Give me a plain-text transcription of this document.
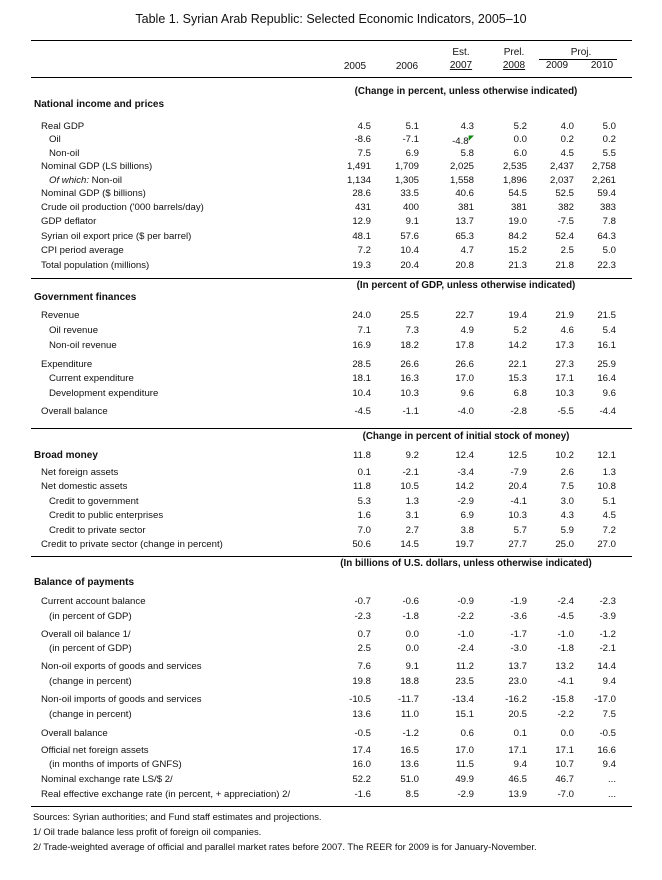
Table 1. Syrian Arab Republic: Selected Economic Indicators, 2005–10
Est.	Prel.	Proj.
2005	2006	2007	2008	2009	2010
(Change in percent, unless otherwise indicated)
(In percent of GDP, unless otherwise indicated)
(Change in percent of initial stock of money)
(In billions of U.S. dollars, unless otherwise indicated)
National income and prices
Government finances
Balance of payments
Real GDP	4.5	5.1	4.3	5.2	4.0	5.0
Oil	-8.6	-7.1	-4.8◤	0.0	0.2	0.2
Non-oil	7.5	6.9	5.8	6.0	4.5	5.5
Nominal GDP (LS billions)	1,491	1,709	2,025	2,535	2,437	2,758
Of which: Non-oil	1,134	1,305	1,558	1,896	2,037	2,261
Nominal GDP ($ billions)	28.6	33.5	40.6	54.5	52.5	59.4
Crude oil production ('000 barrels/day)	431	400	381	381	382	383
GDP deflator	12.9	9.1	13.7	19.0	-7.5	7.8
Syrian oil export price ($ per barrel)	48.1	57.6	65.3	84.2	52.4	64.3
CPI period average	7.2	10.4	4.7	15.2	2.5	5.0
Total population (millions)	19.3	20.4	20.8	21.3	21.8	22.3
Revenue	24.0	25.5	22.7	19.4	21.9	21.5
Oil revenue	7.1	7.3	4.9	5.2	4.6	5.4
Non-oil revenue	16.9	18.2	17.8	14.2	17.3	16.1
Expenditure	28.5	26.6	26.6	22.1	27.3	25.9
Current expenditure	18.1	16.3	17.0	15.3	17.1	16.4
Development expenditure	10.4	10.3	9.6	6.8	10.3	9.6
Overall balance	-4.5	-1.1	-4.0	-2.8	-5.5	-4.4
Broad money	11.8	9.2	12.4	12.5	10.2	12.1
Net foreign assets	0.1	-2.1	-3.4	-7.9	2.6	1.3
Net domestic assets	11.8	10.5	14.2	20.4	7.5	10.8
Credit to government	5.3	1.3	-2.9	-4.1	3.0	5.1
Credit to public enterprises	1.6	3.1	6.9	10.3	4.3	4.5
Credit to private sector	7.0	2.7	3.8	5.7	5.9	7.2
Credit to private sector (change in percent)	50.6	14.5	19.7	27.7	25.0	27.0
Current account balance	-0.7	-0.6	-0.9	-1.9	-2.4	-2.3
(in percent of GDP)	-2.3	-1.8	-2.2	-3.6	-4.5	-3.9
Overall oil balance 1/	0.7	0.0	-1.0	-1.7	-1.0	-1.2
(in percent of GDP)	2.5	0.0	-2.4	-3.0	-1.8	-2.1
Non-oil exports of goods and services	7.6	9.1	11.2	13.7	13.2	14.4
(change in percent)	19.8	18.8	23.5	23.0	-4.1	9.4
Non-oil imports of goods and services	-10.5	-11.7	-13.4	-16.2	-15.8	-17.0
(change in percent)	13.6	11.0	15.1	20.5	-2.2	7.5
Overall balance	-0.5	-1.2	0.6	0.1	0.0	-0.5
Official net foreign assets	17.4	16.5	17.0	17.1	17.1	16.6
(in months of imports of GNFS)	16.0	13.6	11.5	9.4	10.7	9.4
Nominal exchange rate LS/$ 2/	52.2	51.0	49.9	46.5	46.7	...
Real effective exchange rate (in percent, + appreciation) 2/	-1.6	8.5	-2.9	13.9	-7.0	...
Sources: Syrian authorities; and Fund staff estimates and projections.
1/ Oil trade balance less profit of foreign oil companies.
2/ Trade-weighted average of official and parallel market rates before 2007. The REER for 2009 is for January-November.
